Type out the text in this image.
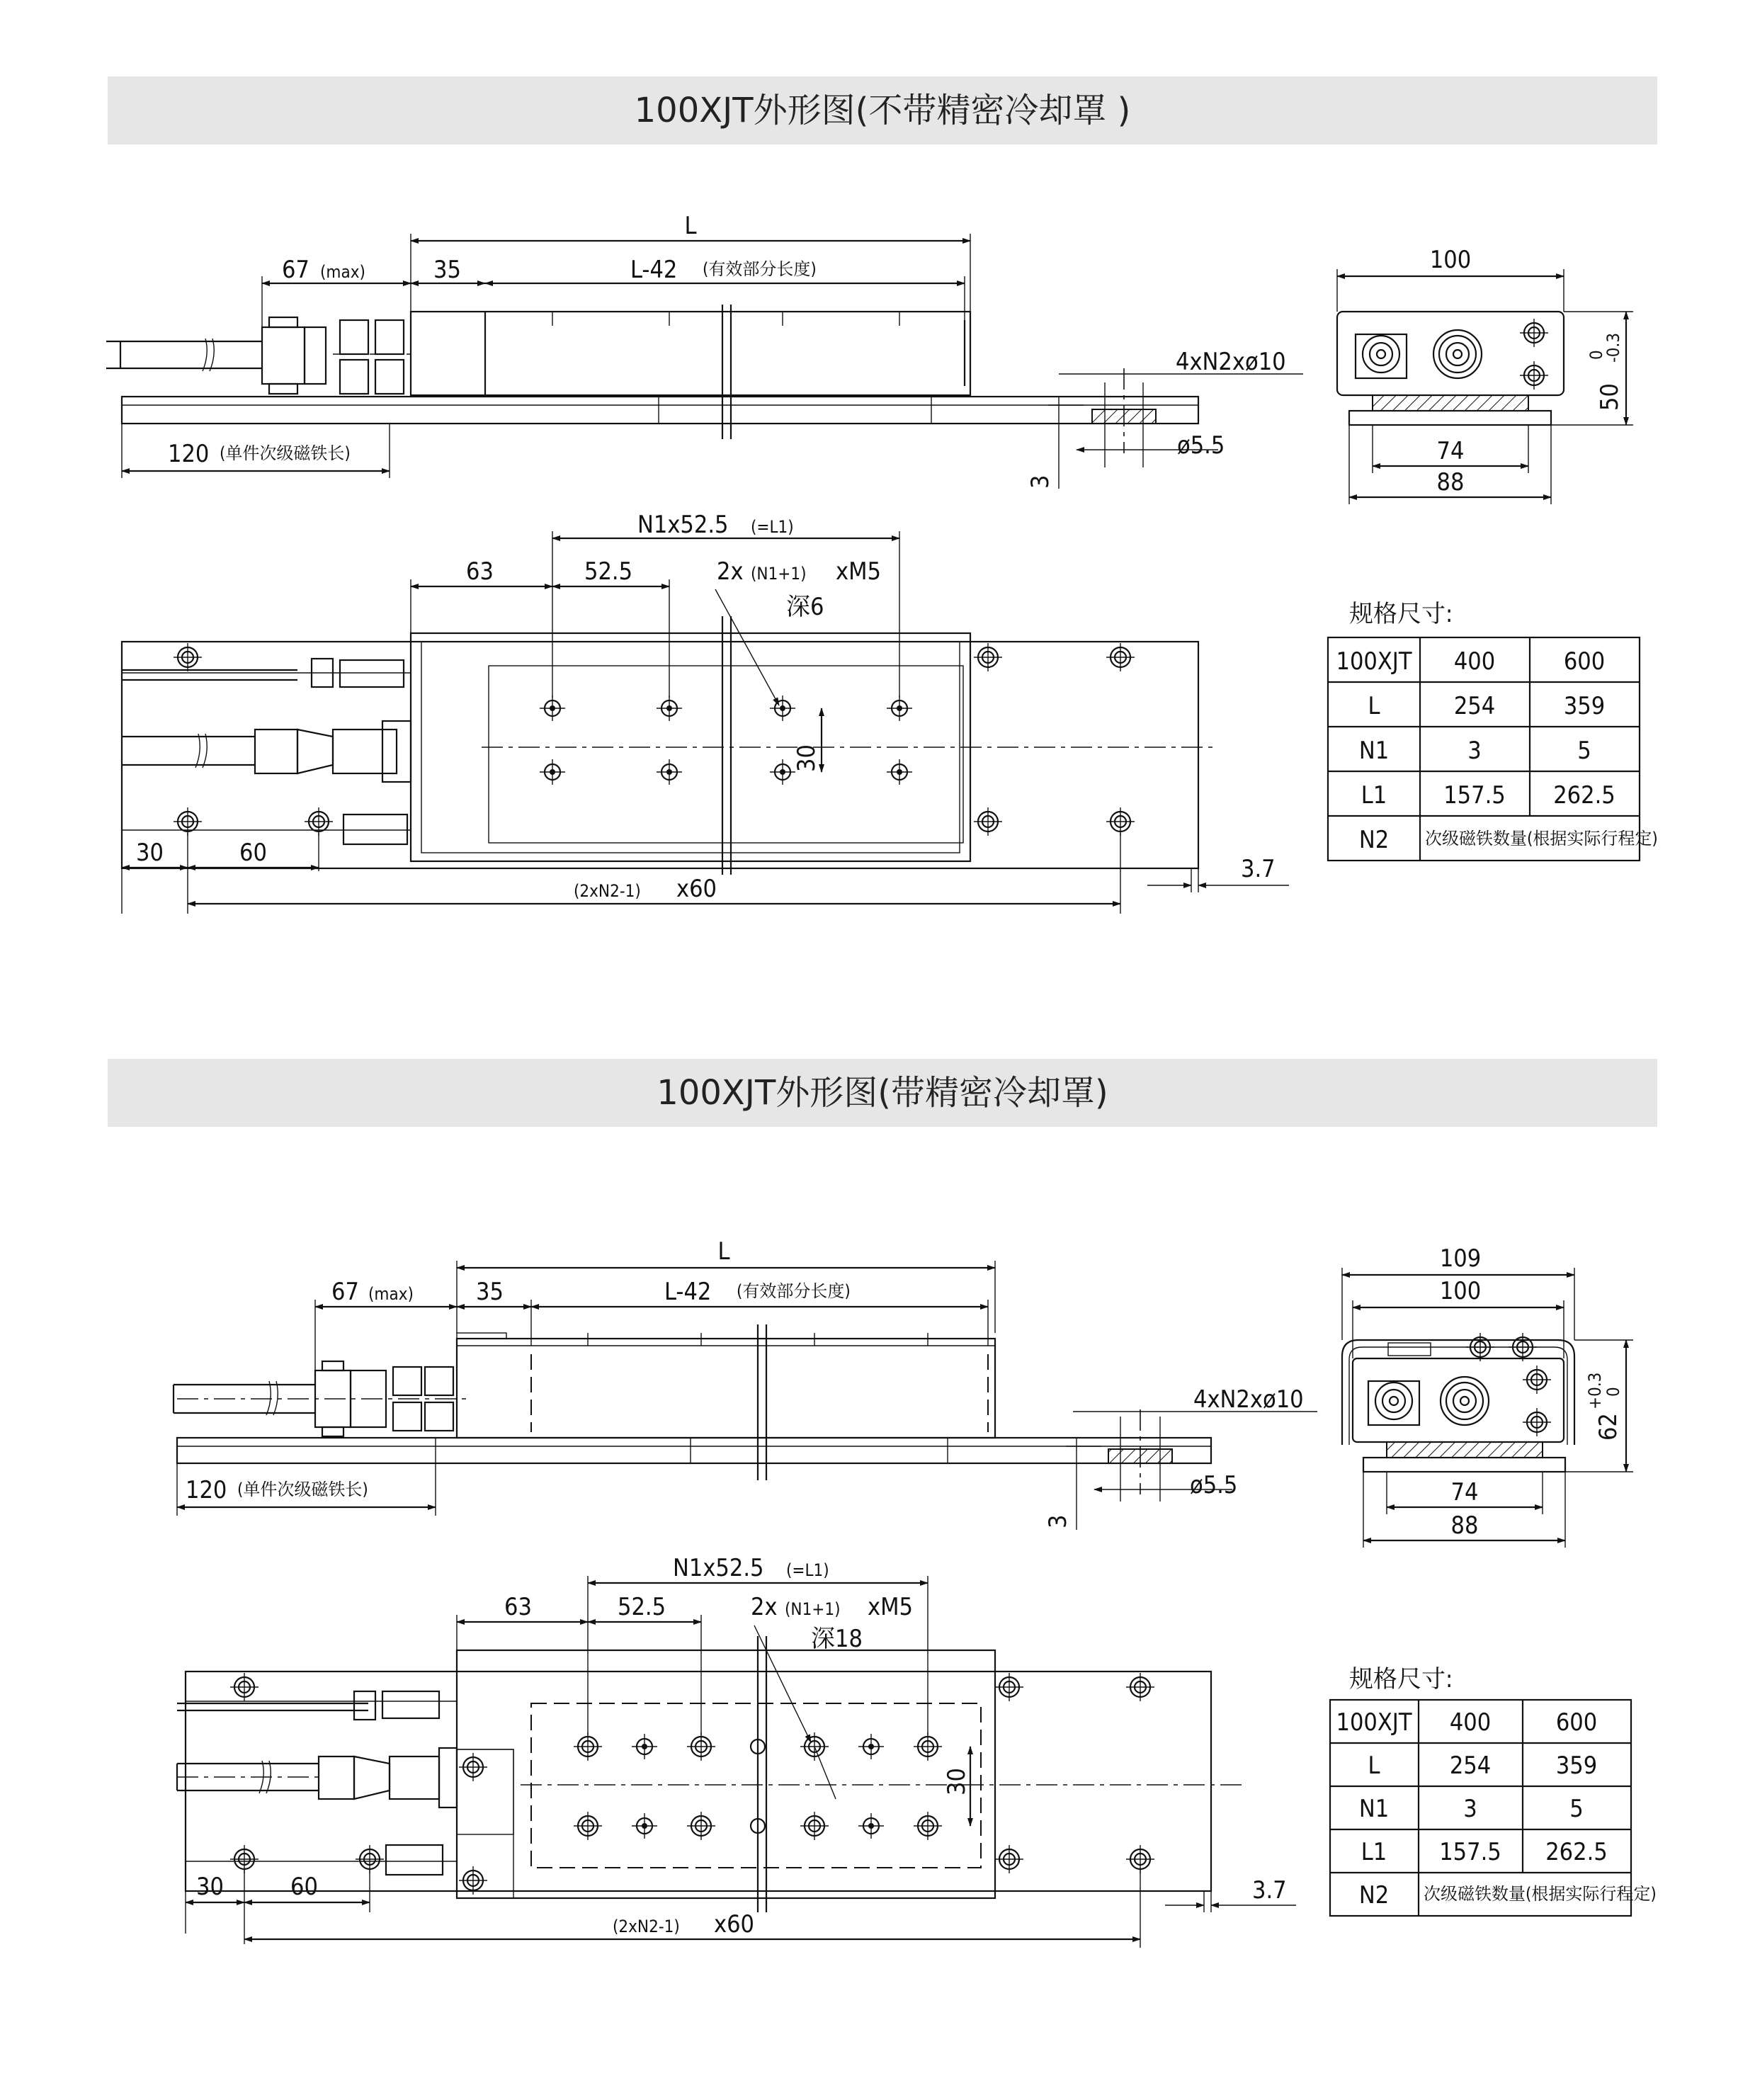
100XJT外形图(不带精密冷却罩 )
100XJT外形图(带精密冷却罩)
L
67 (max)	35	L-42 (有效部分长度)
120 (单件次级磁铁长)
4xN2xø10
ø5.5
3
100
74
88
50
0
-0.3
N1x52.5 (=L1)
63	52.5	2x (N1+1) xM5
深6
30
30	60
(2xN2-1) x60
3.7
规格尺寸:
100XJT 400	600
L	254	359
N1	3	5
L1 157.5 262.5
N2 次级磁铁数量(根据实际行程定)
L
67 (max)	35	L-42 (有效部分长度)
120 (单件次级磁铁长)
4xN2xø10
ø5.5
3
109
100
74
88
62
+0.3
0
N1x52.5 (=L1)
63	52.5	2x (N1+1) xM5
深18
30
30	60
(2xN2-1) x60
3.7
规格尺寸:
100XJT 400	600
L	254	359
N1	3	5
L1 157.5 262.5
N2 次级磁铁数量(根据实际行程定)
